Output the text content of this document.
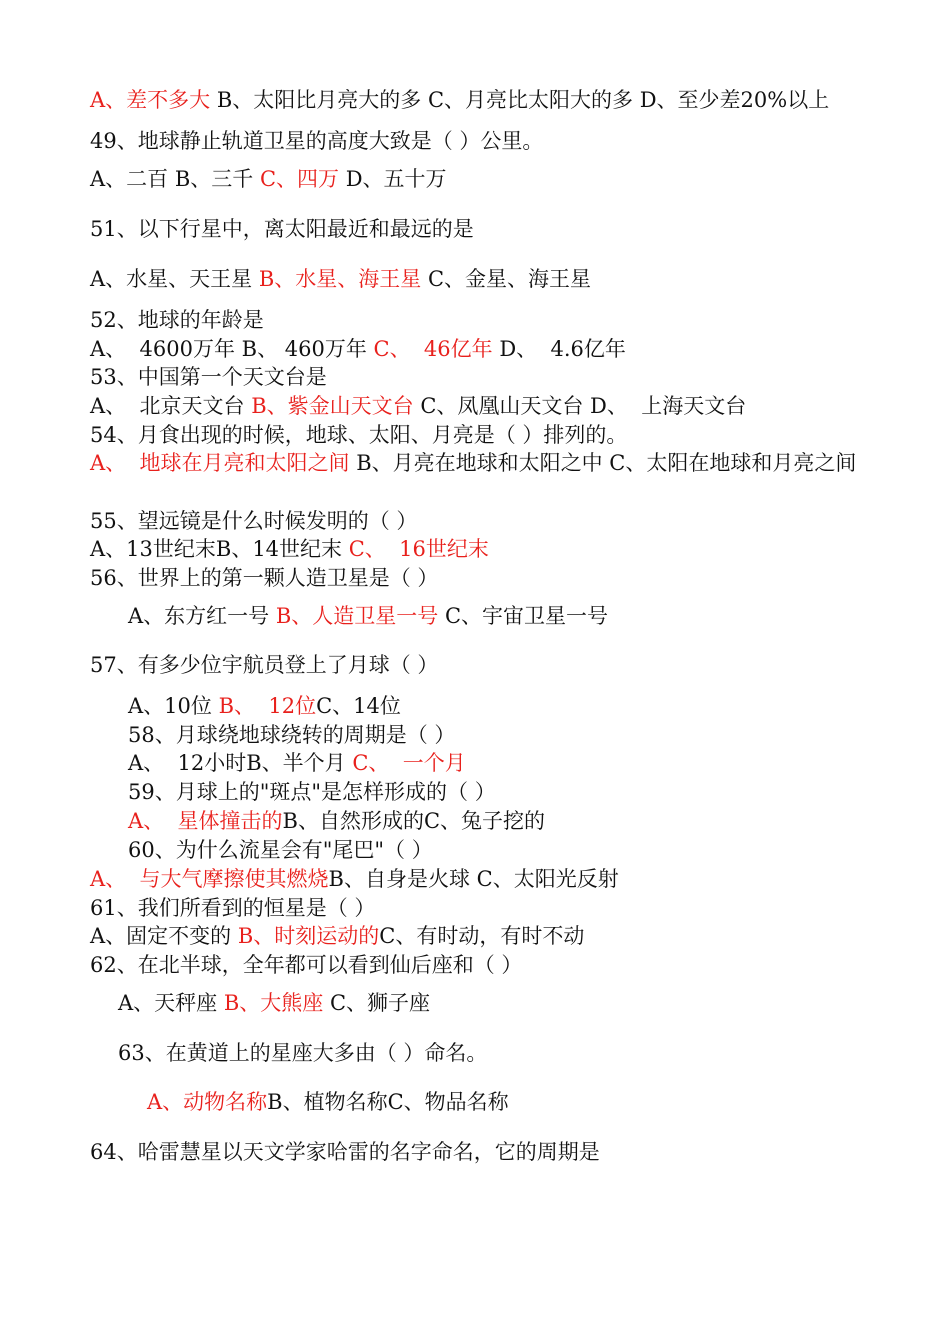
A、差不多大 B、太阳比月亮大的多 C、月亮比太阳大的多 D、至少差20%以上
49、地球静止轨道卫星的高度大致是（ ）公里。
A、二百 B、三千 C、四万 D、五十万
51、以下行星中，离太阳最近和最远的是
A、水星、天王星 B、水星、海王星 C、金星、海王星
52、地球的年龄是
A、  4600万年 B、 460万年 C、  46亿年 D、  4.6亿年
53、中国第一个天文台是
A、  北京天文台 B、紫金山天文台 C、凤凰山天文台 D、  上海天文台
54、月食出现的时候，地球、太阳、月亮是（ ）排列的。
A、  地球在月亮和太阳之间 B、月亮在地球和太阳之中 C、太阳在地球和月亮之间
55、望远镜是什么时候发明的（ ）
A、13世纪末B、14世纪末 C、  16世纪末
56、世界上的第一颗人造卫星是（ ）
A、东方红一号 B、人造卫星一号 C、宇宙卫星一号
57、有多少位宇航员登上了月球（ ）
A、10位 B、  12位C、14位
58、月球绕地球绕转的周期是（ ）
A、  12小时B、半个月 C、  一个月
59、月球上的"斑点"是怎样形成的（ ）
A、  星体撞击的B、自然形成的C、兔子挖的
60、为什么流星会有"尾巴"（ ）
A、  与大气摩擦使其燃烧B、自身是火球 C、太阳光反射
61、我们所看到的恒星是（ ）
A、固定不变的 B、时刻运动的C、有时动，有时不动
62、在北半球，全年都可以看到仙后座和（ ）
A、天秤座 B、大熊座 C、狮子座
63、在黄道上的星座大多由（ ）命名。
A、动物名称B、植物名称C、物品名称
64、哈雷慧星以天文学家哈雷的名字命名，它的周期是
